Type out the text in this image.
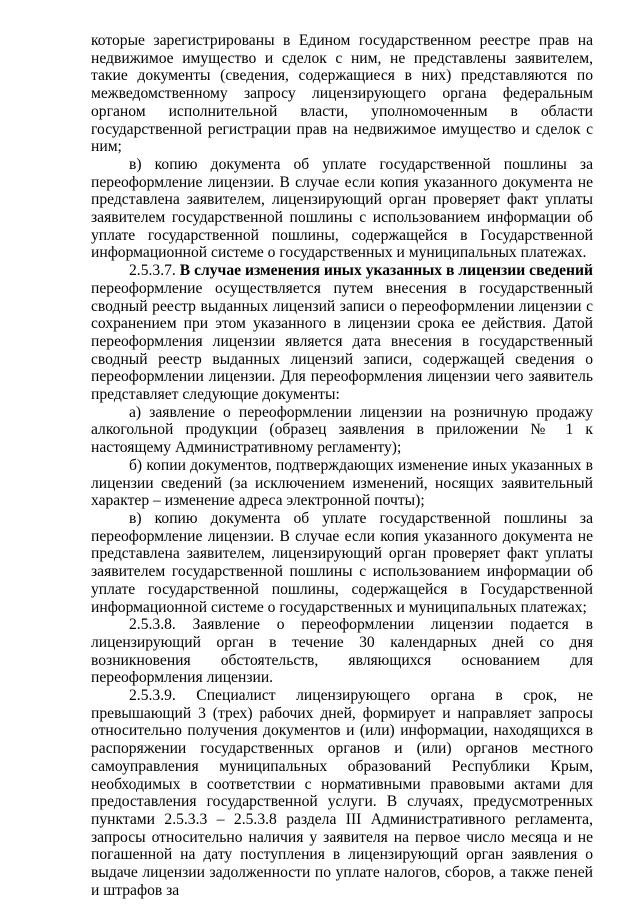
которые зарегистрированы в Едином государственном реестре прав на недвижимое имущество и сделок с ним, не представлены заявителем, такие документы (сведения, содержащиеся в них) представляются по межведомственному запросу лицензирующего органа федеральным органом исполнительной власти, уполномоченным в области государственной регистрации прав на недвижимое имущество и сделок с ним;

в) копию документа об уплате государственной пошлины за переоформление лицензии. В случае если копия указанного документа не представлена заявителем, лицензирующий орган проверяет факт уплаты заявителем государственной пошлины с использованием информации об уплате государственной пошлины, содержащейся в Государственной информационной системе о государственных и муниципальных платежах.

2.5.3.7. В случае изменения иных указанных в лицензии сведений переоформление осуществляется путем внесения в государственный сводный реестр выданных лицензий записи о переоформлении лицензии с сохранением при этом указанного в лицензии срока ее действия. Датой переоформления лицензии является дата внесения в государственный сводный реестр выданных лицензий записи, содержащей сведения о переоформлении лицензии. Для переоформления лицензии чего заявитель представляет следующие документы:

а) заявление о переоформлении лицензии на розничную продажу алкогольной продукции (образец заявления в приложении № 1 к настоящему Административному регламенту);

б) копии документов, подтверждающих изменение иных указанных в лицензии сведений (за исключением изменений, носящих заявительный характер – изменение адреса электронной почты);

в) копию документа об уплате государственной пошлины за переоформление лицензии. В случае если копия указанного документа не представлена заявителем, лицензирующий орган проверяет факт уплаты заявителем государственной пошлины с использованием информации об уплате государственной пошлины, содержащейся в Государственной информационной системе о государственных и муниципальных платежах;

2.5.3.8. Заявление о переоформлении лицензии подается в лицензирующий орган в течение 30 календарных дней со дня возникновения обстоятельств, являющихся основанием для переоформления лицензии.

2.5.3.9. Специалист лицензирующего органа в срок, не превышающий 3 (трех) рабочих дней, формирует и направляет запросы относительно получения документов и (или) информации, находящихся в распоряжении государственных органов и (или) органов местного самоуправления муниципальных образований Республики Крым, необходимых в соответствии с нормативными правовыми актами для предоставления государственной услуги. В случаях, предусмотренных пунктами 2.5.3.3 – 2.5.3.8 раздела III Административного регламента, запросы относительно наличия у заявителя на первое число месяца и не погашенной на дату поступления в лицензирующий орган заявления о выдаче лицензии задолженности по уплате налогов, сборов, а также пеней и штрафов за
